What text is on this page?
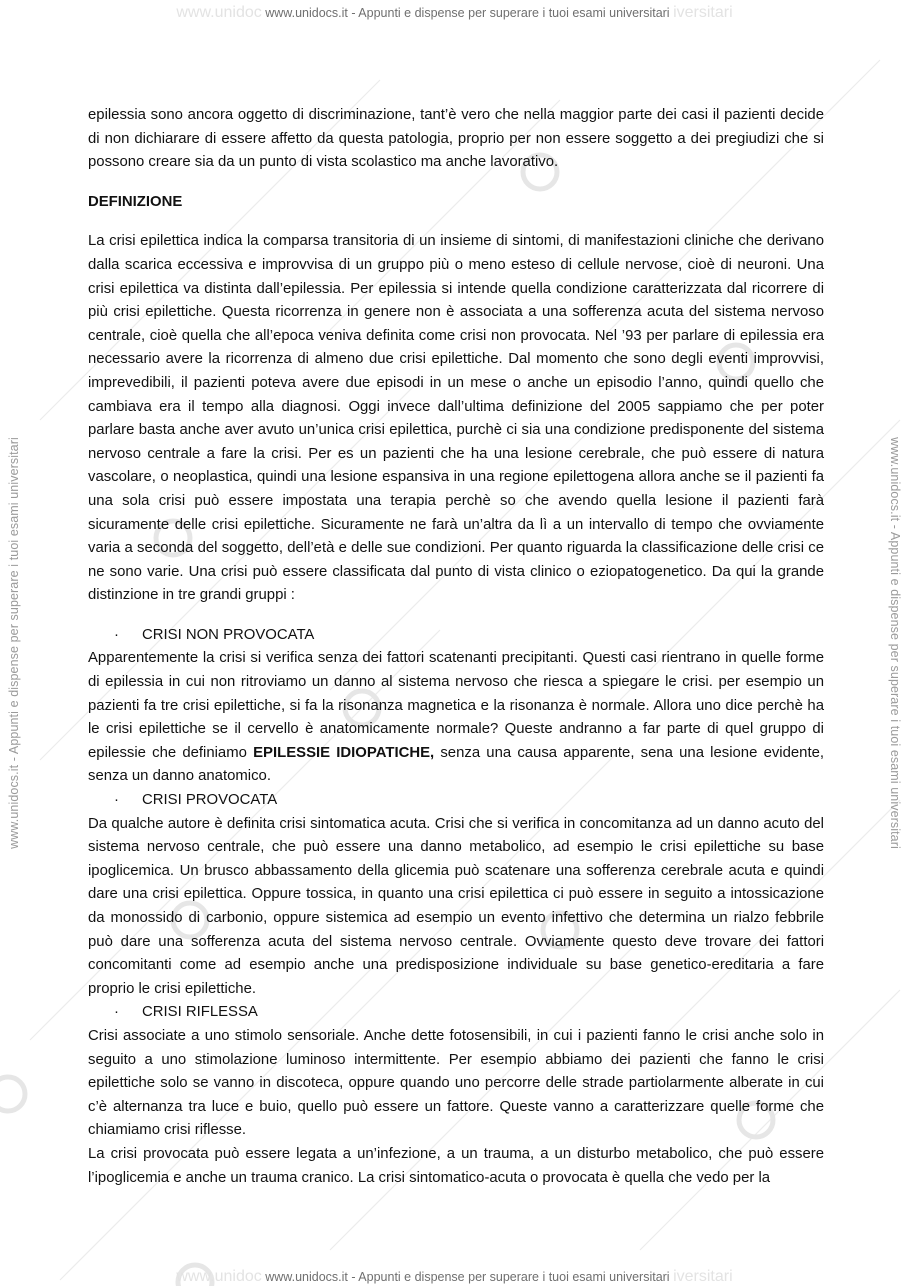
www.unidoc www.unidocs.it - Appunti e dispense per superare i tuoi esami universitari iversitari
www.unidocs.it - Appunti e dispense per superare i tuoi esami universitari	www.unidocs.it - Appunti e dispense per superare i tuoi esami universitari

epilessia sono ancora oggetto di discriminazione, tant’è vero che nella maggior parte dei casi il pazienti decide di non dichiarare di essere affetto da questa patologia, proprio per non essere soggetto a dei pregiudizi che si possono creare sia da un punto di vista scolastico ma anche lavorativo.

DEFINIZIONE

La crisi epilettica indica la comparsa transitoria di un insieme di sintomi, di manifestazioni cliniche che derivano dalla scarica eccessiva e improvvisa di un gruppo più o meno esteso di cellule nervose, cioè di neuroni. Una crisi epilettica va distinta dall’epilessia. Per epilessia si intende quella condizione caratterizzata dal ricorrere di più crisi epilettiche. Questa ricorrenza in genere non è associata a una sofferenza acuta del sistema nervoso centrale, cioè quella che all’epoca veniva definita come crisi non provocata. Nel ’93 per parlare di epilessia era necessario avere la ricorrenza di almeno due crisi epilettiche. Dal momento che sono degli eventi improvvisi, imprevedibili, il pazienti poteva avere due episodi in un mese o anche un episodio l’anno, quindi quello che cambiava era il tempo alla diagnosi. Oggi invece dall’ultima definizione del 2005 sappiamo che per poter parlare basta anche aver avuto un’unica crisi epilettica, purchè ci sia una condizione predisponente del sistema nervoso centrale a fare la crisi. Per es un pazienti che ha una lesione cerebrale, che può essere di natura vascolare, o neoplastica, quindi una lesione espansiva in una regione epilettogena allora anche se il pazienti fa una sola crisi può essere impostata una terapia perchè so che avendo quella lesione il pazienti farà sicuramente delle crisi epilettiche. Sicuramente ne farà un’altra da lì a un intervallo di tempo che ovviamente varia a seconda del soggetto, dell’età e delle sue condizioni. Per quanto riguarda la classificazione delle crisi ce ne sono varie. Una crisi può essere classificata dal punto di vista clinico o eziopatogenetico. Da qui la grande distinzione in tre grandi gruppi :

· CRISI NON PROVOCATA

Apparentemente la crisi si verifica senza dei fattori scatenanti precipitanti. Questi casi rientrano in quelle forme di epilessia in cui non ritroviamo un danno al sistema nervoso che riesca a spiegare le crisi. per esempio un pazienti fa tre crisi epilettiche, si fa la risonanza magnetica e la risonanza è normale. Allora uno dice perchè ha le crisi epilettiche se il cervello è anatomicamente normale? Queste andranno a far parte di quel gruppo di epilessie che definiamo EPILESSIE IDIOPATICHE, senza una causa apparente, sena una lesione evidente, senza un danno anatomico.

· CRISI PROVOCATA

Da qualche autore è definita crisi sintomatica acuta. Crisi che si verifica in concomitanza ad un danno acuto del sistema nervoso centrale, che può essere una danno metabolico, ad esempio le crisi epilettiche su base ipoglicemica. Un brusco abbassamento della glicemia può scatenare una sofferenza cerebrale acuta e quindi dare una crisi epilettica. Oppure tossica, in quanto una crisi epilettica ci può essere in seguito a intossicazione da monossido di carbonio, oppure sistemica ad esempio un evento infettivo che determina un rialzo febbrile può dare una sofferenza acuta del sistema nervoso centrale. Ovviamente questo deve trovare dei fattori concomitanti come ad esempio anche una predisposizione individuale su base genetico-ereditaria a fare proprio le crisi epilettiche.

· CRISI RIFLESSA

Crisi associate a uno stimolo sensoriale. Anche dette fotosensibili, in cui i pazienti fanno le crisi anche solo in seguito a uno stimolazione luminoso intermittente. Per esempio abbiamo dei pazienti che fanno le crisi epilettiche solo se vanno in discoteca, oppure quando uno percorre delle strade partiolarmente alberate in cui c’è alternanza tra luce e buio, quello può essere un fattore. Queste vanno a caratterizzare quelle forme che chiamiamo crisi riflesse.

La crisi provocata può essere legata a un’infezione, a un trauma, a un disturbo metabolico, che può essere l’ipoglicemia e anche un trauma cranico. La crisi sintomatico-acuta o provocata è quella che vedo per la

www.unidoc www.unidocs.it - Appunti e dispense per superare i tuoi esami universitari iversitari
